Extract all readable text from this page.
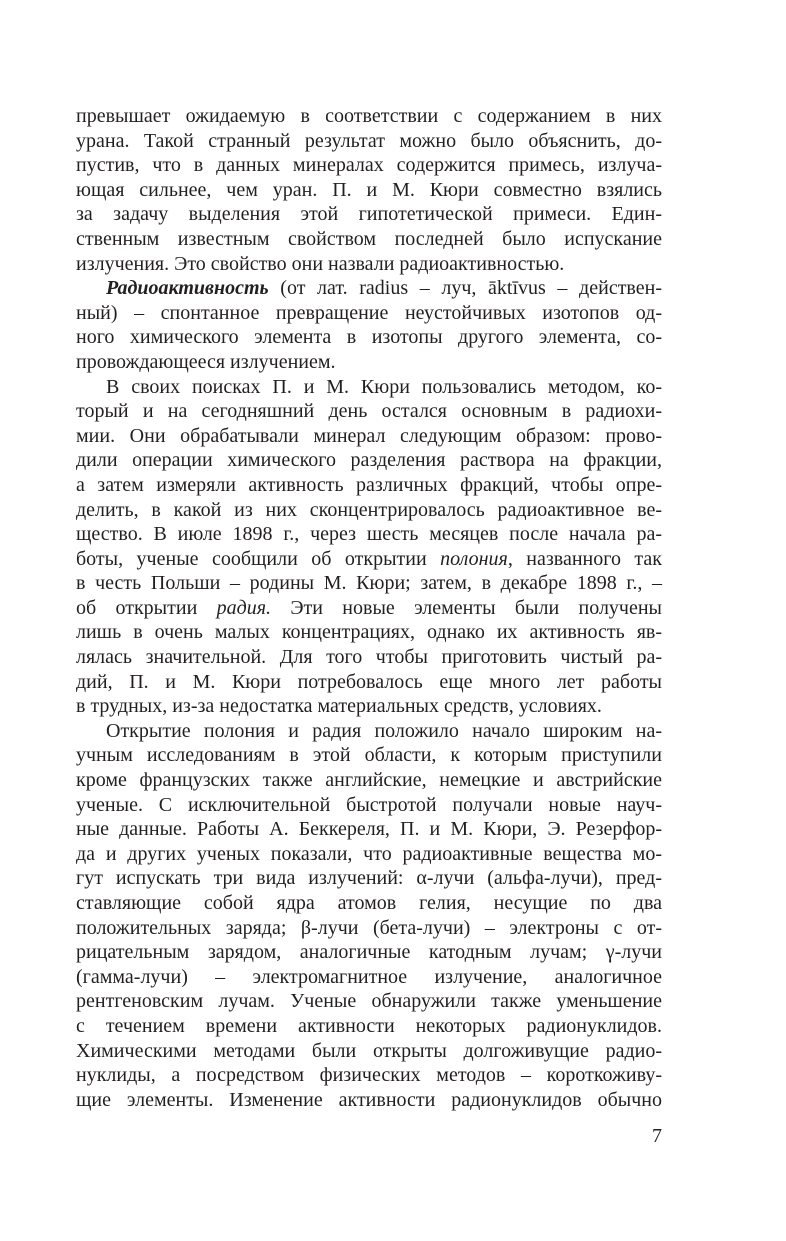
превышает ожидаемую в соответствии с содержанием в них
урана. Такой странный результат можно было объяснить, до-
пустив, что в данных минералах содержится примесь, излуча-
ющая сильнее, чем уран. П. и М. Кюри совместно взялись
за задачу выделения этой гипотетической примеси. Един-
ственным известным свойством последней было испускание
излучения. Это свойство они назвали радиоактивностью.
Радиоактивность (от лат. radius – луч, āktīvus – действен-
ный) – спонтанное превращение неустойчивых изотопов од-
ного химического элемента в изотопы другого элемента, со-
провождающееся излучением.
В своих поисках П. и М. Кюри пользовались методом, ко-
торый и на сегодняшний день остался основным в радиохи-
мии. Они обрабатывали минерал следующим образом: прово-
дили операции химического разделения раствора на фракции,
а затем измеряли активность различных фракций, чтобы опре-
делить, в какой из них сконцентрировалось радиоактивное ве-
щество. В июле 1898 г., через шесть месяцев после начала ра-
боты, ученые сообщили об открытии полония, названного так
в честь Польши – родины М. Кюри; затем, в декабре 1898 г., –
об открытии радия. Эти новые элементы были получены
лишь в очень малых концентрациях, однако их активность яв-
лялась значительной. Для того чтобы приготовить чистый ра-
дий, П. и М. Кюри потребовалось еще много лет работы
в трудных, из-за недостатка материальных средств, условиях.
Открытие полония и радия положило начало широким на-
учным исследованиям в этой области, к которым приступили
кроме французских также английские, немецкие и австрийские
ученые. С исключительной быстротой получали новые науч-
ные данные. Работы А. Беккереля, П. и М. Кюри, Э. Резерфор-
да и других ученых показали, что радиоактивные вещества мо-
гут испускать три вида излучений: α-лучи (альфа-лучи), пред-
ставляющие собой ядра атомов гелия, несущие по два
положительных заряда; β-лучи (бета-лучи) – электроны с от-
рицательным зарядом, аналогичные катодным лучам; γ-лучи
(гамма-лучи) – электромагнитное излучение, аналогичное
рентгеновским лучам. Ученые обнаружили также уменьшение
с течением времени активности некоторых радионуклидов.
Химическими методами были открыты долгоживущие радио-
нуклиды, а посредством физических методов – короткоживу-
щие элементы. Изменение активности радионуклидов обычно
7
